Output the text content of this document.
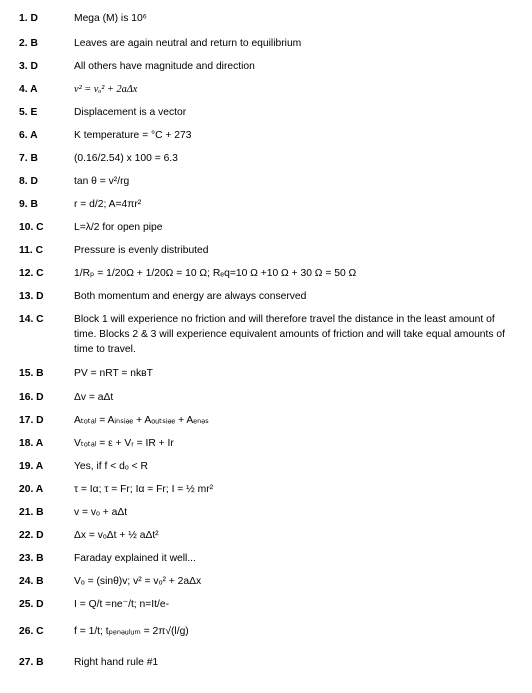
1. D	Mega (M) is 10⁶
2. B	Leaves are again neutral and return to equilibrium
3. D	All others have magnitude and direction
4. A	v² = vₒ² + 2aΔx
5. E	Displacement is a vector
6. A	K temperature = °C + 273
7. B	(0.16/2.54) x 100 = 6.3
8. D	tan θ = v²/rg
9. B	r = d/2; A=4πr²
10. C	L=λ/2 for open pipe
11. C	Pressure is evenly distributed
12. C	1/Rₚ = 1/20Ω + 1/20Ω = 10 Ω; Rₑq=10 Ω +10 Ω + 30 Ω = 50 Ω
13. D	Both momentum and energy are always conserved
14. C	Block 1 will experience no friction and will therefore travel the distance in the least amount of time. Blocks 2 & 3 will experience equivalent amounts of friction and will take equal amounts of time to travel.
15. B	PV = nRT = nkʙT
16. D	Δv = aΔt
17. D	Aₜₒₜₐₗ = Aᵢₙₛᵢₔₑ + Aₒᵤₜₛᵢₔₑ + Aₑₙₔₛ
18. A	Vₜₒₜₐₗ = ε + Vᵣ = IR + Ir
19. A	Yes, if f < dₒ < R
20. A	τ = Iα; τ = Fr; Iα = Fr; I = ½ mr²
21. B	v = vₒ + aΔt
22. D	Δx = vₒΔt + ½ aΔt²
23. B	Faraday explained it well...
24. B	Vₒ = (sinθ)v; v² = vₒ² + 2aΔx
25. D	I = Q/t =ne⁻/t; n=It/e-
26. C	f = 1/t; tₚₑₙₔᵤₗᵤₘ = 2π√(l/g)
27. B	Right hand rule #1
